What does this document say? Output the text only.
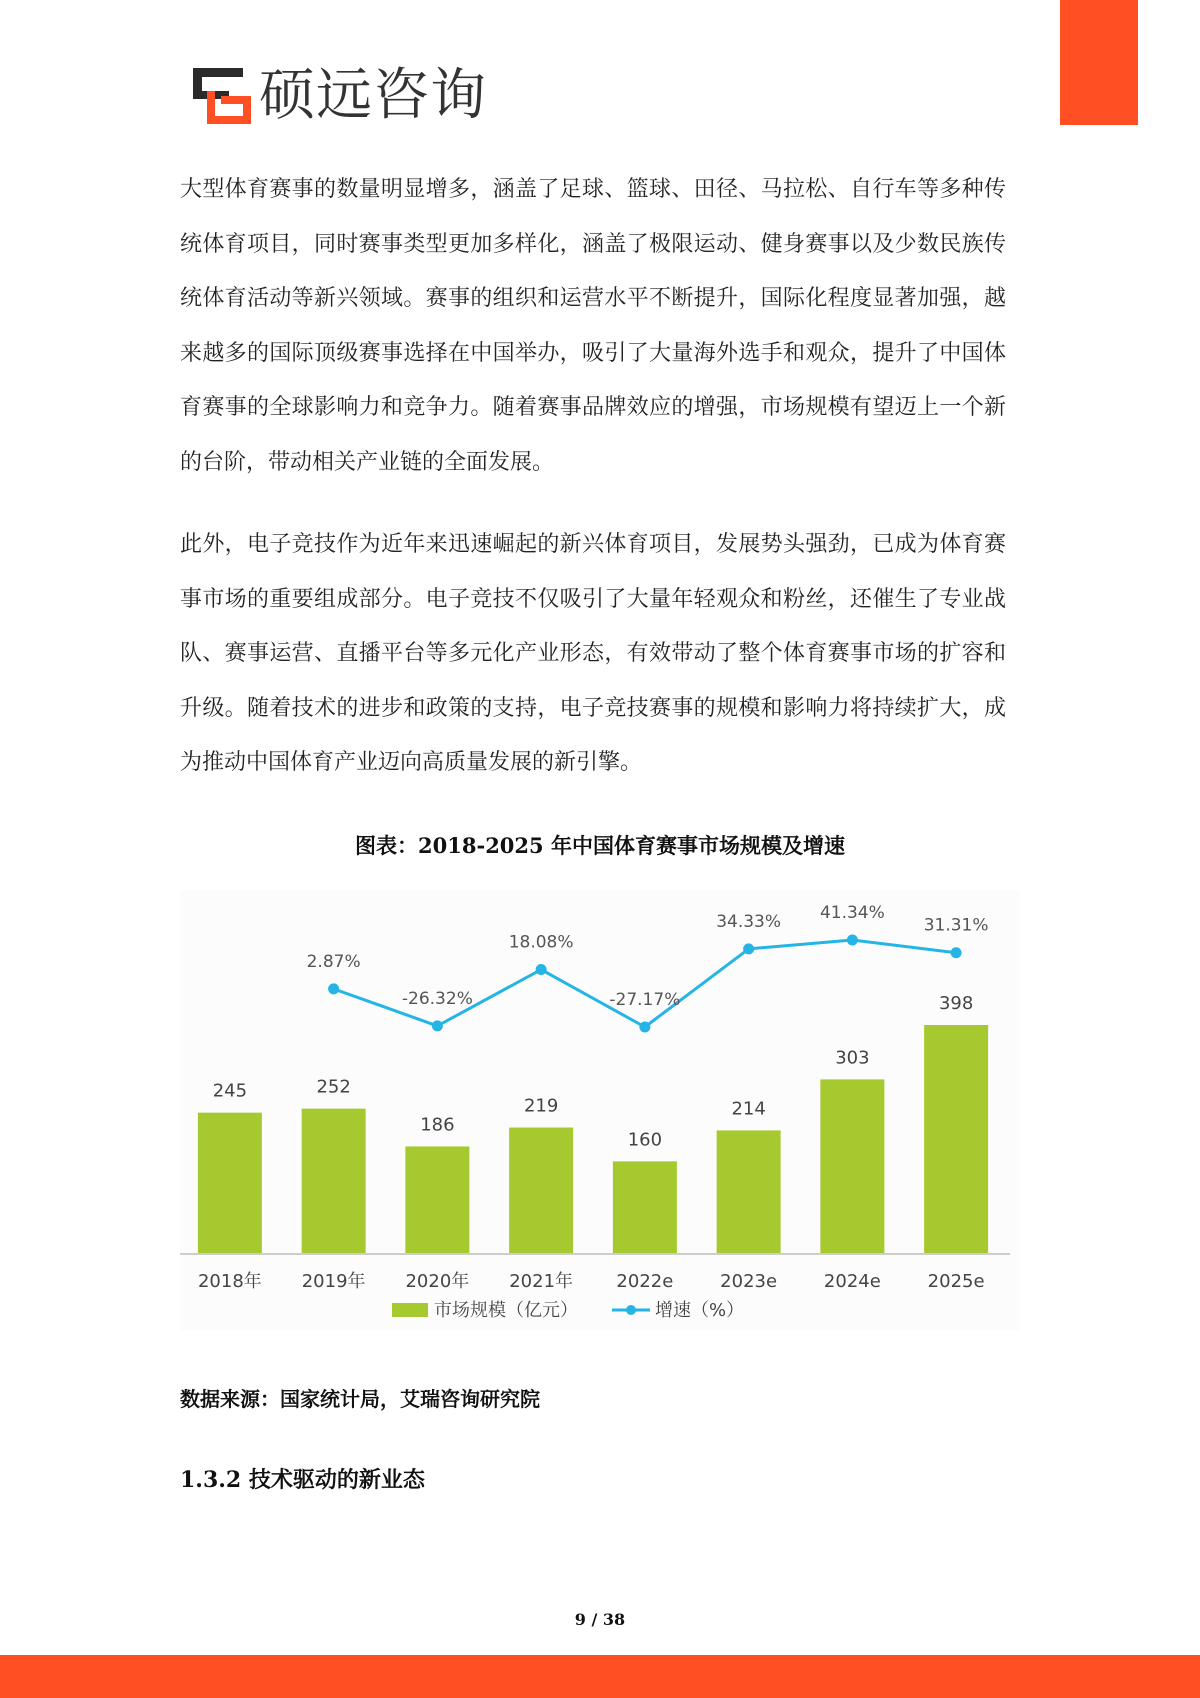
硕远咨询

大型体育赛事的数量明显增多，涵盖了足球、篮球、田径、马拉松、自行车等多种传统体育项目，同时赛事类型更加多样化，涵盖了极限运动、健身赛事以及少数民族传统体育活动等新兴领域。赛事的组织和运营水平不断提升，国际化程度显著加强，越来越多的国际顶级赛事选择在中国举办，吸引了大量海外选手和观众，提升了中国体育赛事的全球影响力和竞争力。随着赛事品牌效应的增强，市场规模有望迈上一个新的台阶，带动相关产业链的全面发展。

此外，电子竞技作为近年来迅速崛起的新兴体育项目，发展势头强劲，已成为体育赛事市场的重要组成部分。电子竞技不仅吸引了大量年轻观众和粉丝，还催生了专业战队、赛事运营、直播平台等多元化产业形态，有效带动了整个体育赛事市场的扩容和升级。随着技术的进步和政策的支持，电子竞技赛事的规模和影响力将持续扩大，成为推动中国体育产业迈向高质量发展的新引擎。

图表：2018-2025 年中国体育赛事市场规模及增速
245	252
186
219
160
214
303
398
2018年 2019年 2020年 2021年 2022e	2023e	2024e	2025e
2.87%
-26.32%
18.08%
-27.17%
34.33% 41.34%
31.31%
市场规模（亿元）	增速（%）
数据来源：国家统计局，艾瑞咨询研究院
1.3.2 技术驱动的新业态
9 / 38
